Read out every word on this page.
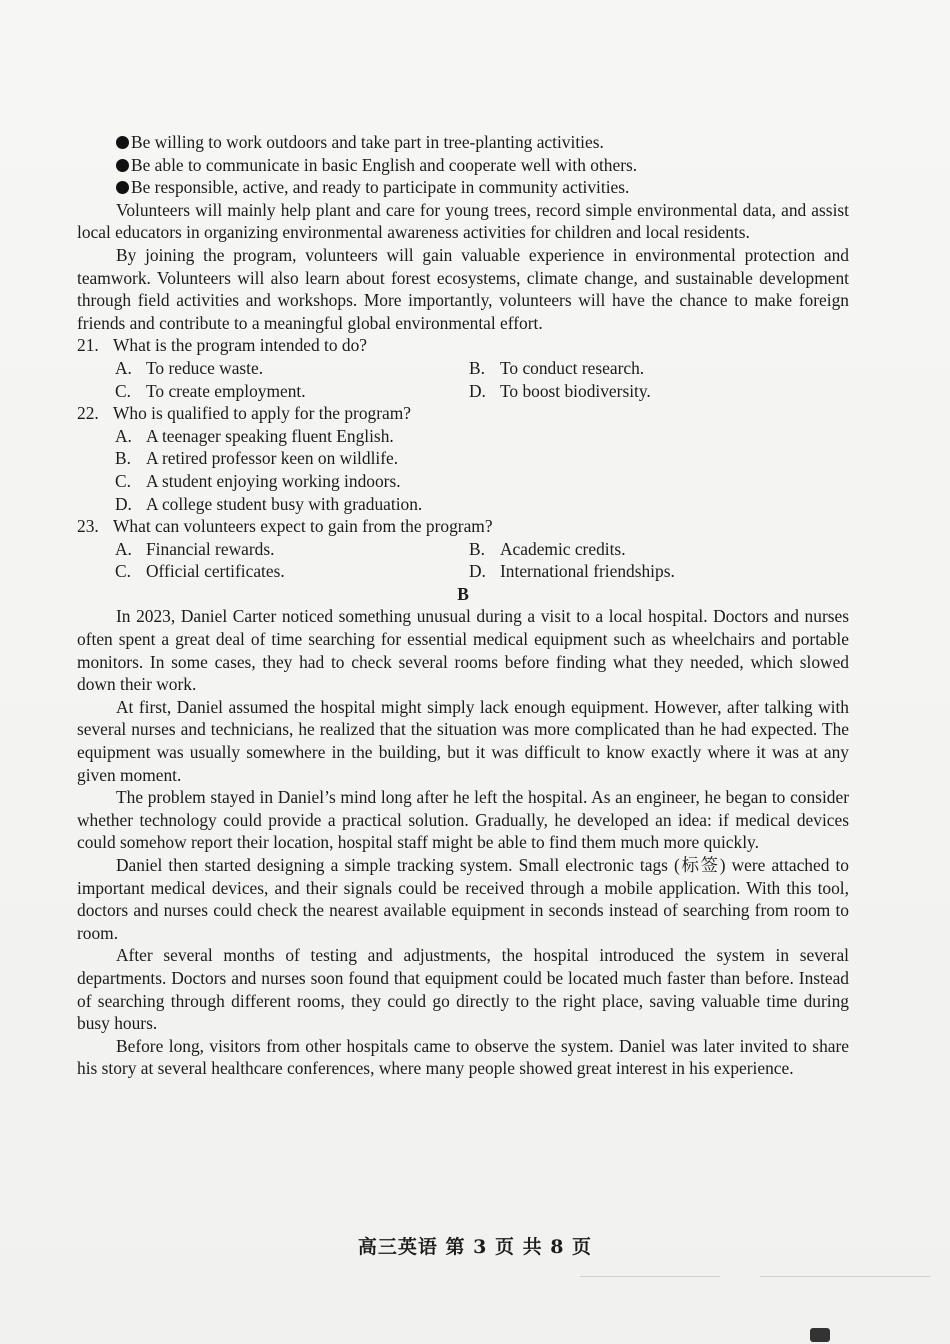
Be willing to work outdoors and take part in tree-planting activities.
Be able to communicate in basic English and cooperate well with others.
Be responsible, active, and ready to participate in community activities.

Volunteers will mainly help plant and care for young trees, record simple environmental data, and assist local educators in organizing environmental awareness activities for children and local residents.

By joining the program, volunteers will gain valuable experience in environmental protection and teamwork. Volunteers will also learn about forest ecosystems, climate change, and sustainable development through field activities and workshops. More importantly, volunteers will have the chance to make foreign friends and contribute to a meaningful global environmental effort.

21. What is the program intended to do?

A. To reduce waste.	B. To conduct research.
C. To create employment.	D. To boost biodiversity.

22. Who is qualified to apply for the program?

A. A teenager speaking fluent English.
B. A retired professor keen on wildlife.
C. A student enjoying working indoors.
D. A college student busy with graduation.

23. What can volunteers expect to gain from the program?

A. Financial rewards.	B. Academic credits.
C. Official certificates.	D. International friendships.

B

In 2023, Daniel Carter noticed something unusual during a visit to a local hospital. Doctors and nurses often spent a great deal of time searching for essential medical equipment such as wheelchairs and portable monitors. In some cases, they had to check several rooms before finding what they needed, which slowed down their work.

At first, Daniel assumed the hospital might simply lack enough equipment. However, after talking with several nurses and technicians, he realized that the situation was more complicated than he had expected. The equipment was usually somewhere in the building, but it was difficult to know exactly where it was at any given moment.

The problem stayed in Daniel’s mind long after he left the hospital. As an engineer, he began to consider whether technology could provide a practical solution. Gradually, he developed an idea: if medical devices could somehow report their location, hospital staff might be able to find them much more quickly.

Daniel then started designing a simple tracking system. Small electronic tags (标签) were attached to important medical devices, and their signals could be received through a mobile application. With this tool, doctors and nurses could check the nearest available equipment in seconds instead of searching from room to room.

After several months of testing and adjustments, the hospital introduced the system in several departments. Doctors and nurses soon found that equipment could be located much faster than before. Instead of searching through different rooms, they could go directly to the right place, saving valuable time during busy hours.

Before long, visitors from other hospitals came to observe the system. Daniel was later invited to share his story at several healthcare conferences, where many people showed great interest in his experience.

高三英语 第 3 页 共 8 页
